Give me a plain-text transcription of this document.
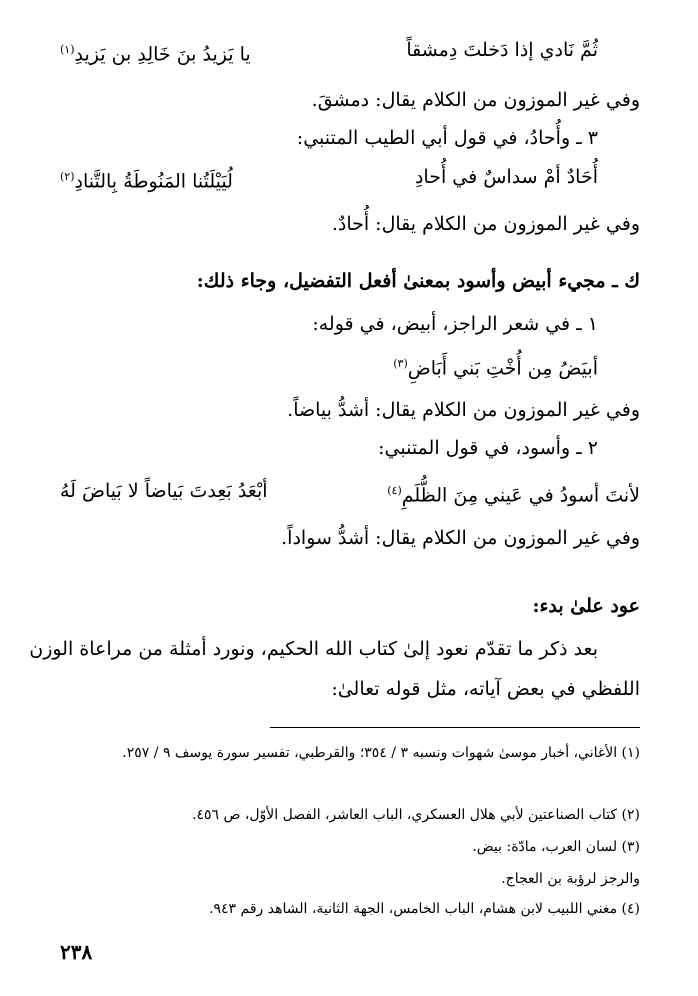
ثُمَّ نَادي إذا دَخلتَ دِمشقاً
يا يَزيدُ بنَ خَالِدِ بن يَزيدِ$^{(١)}$
وفي غير الموزون من الكلام يقال: دمشقَ.
٣ ـ وأُحادُ، في قول أبي الطيب المتنبي:
أُحَادٌ أمْ سداسٌ في أُحادِ
لُيَيْلَتُنا المَنُوطَةُ بِالتَّنادِ$^{(٢)}$
وفي غير الموزون من الكلام يقال: أُحادٌ.
ك ـ مجيء أبيض وأسود بمعنىٰ أفعل التفضيل، وجاء ذلك:
١ ـ في شعر الراجز، أبيض، في قوله:
أبيَضُ مِن أُخْتِ بَني أَبَاضِ$^{(٣)}$
وفي غير الموزون من الكلام يقال: أشدُّ بياضاً.
٢ ـ وأسود، في قول المتنبي:
لأنتَ أسودُ في عَيني مِنَ الظُّلَمِ$^{(٤)}$
أبْعَدُ بَعِدتَ بَياضاً لا بَياضَ لَهُ
وفي غير الموزون من الكلام يقال: أشدُّ سواداً.
عود علىٰ بدء:
بعد ذكر ما تقدّم نعود إلىٰ كتاب الله الحكيم، ونورد أمثلة من مراعاة الوزن
اللفظي في بعض آياته، مثل قوله تعالىٰ:
(١) الأغاني، أخبار موسىٰ شهوات ونسبه ٣ / ٣٥٤؛ والقرطبي، تفسير سورة يوسف ٩ / ٢٥٧.
(٢) كتاب الصناعتين لأبي هلال العسكري، الباب العاشر، الفصل الأوّل، ص ٤٥٦.
(٣) لسان العرب، مادّة: بيض.
والرجز لرؤبة بن العجاج.
(٤) مغني اللبيب لابن هشام، الباب الخامس، الجهة الثانية، الشاهد رقم ٩٤٣.
٢٣٨
